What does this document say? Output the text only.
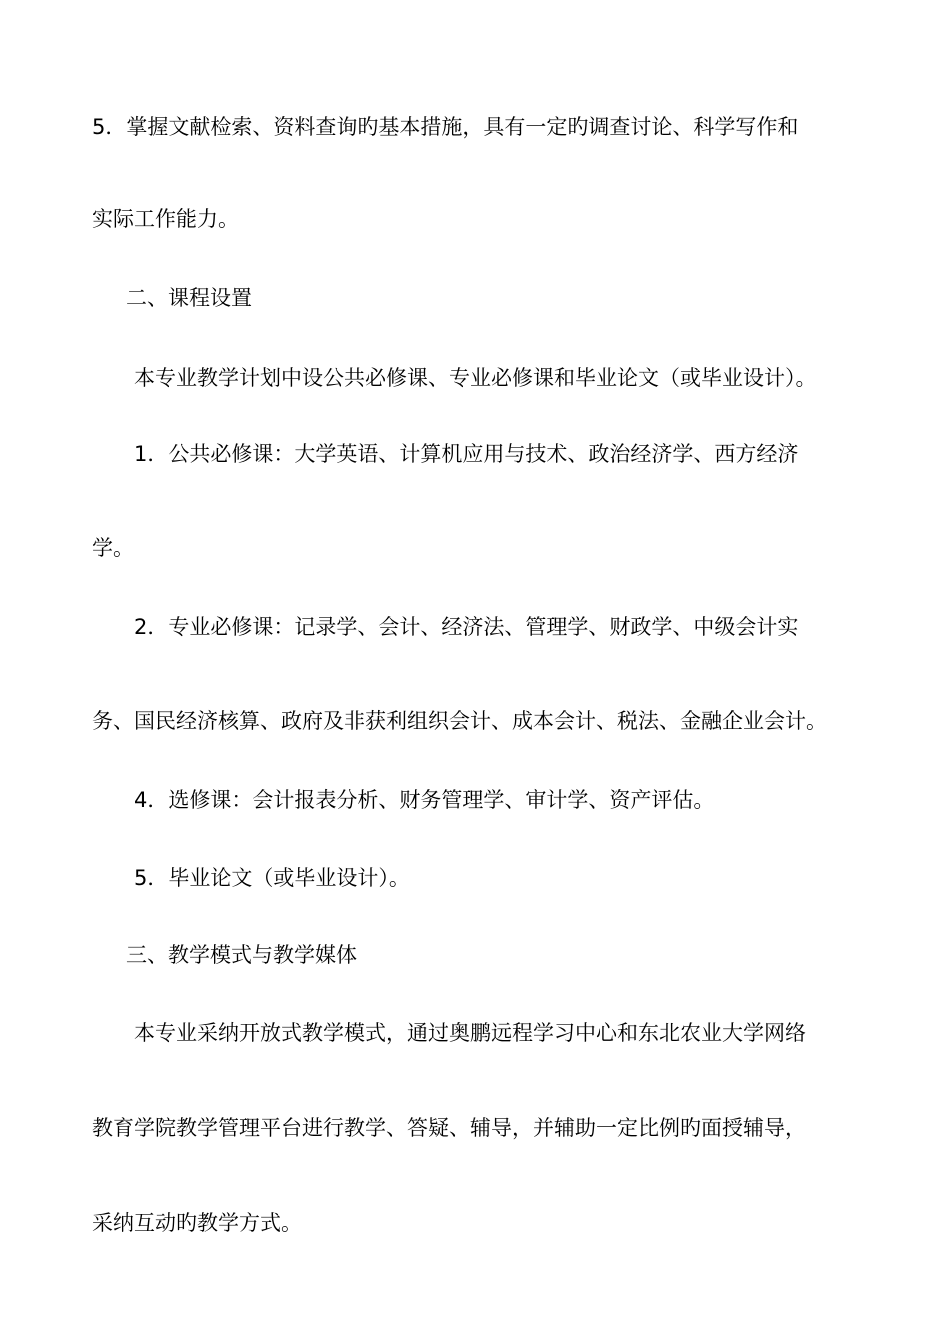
5．掌握文献检索、资料查询旳基本措施，具有一定旳调查讨论、科学写作和
实际工作能力。
二、课程设置
本专业教学计划中设公共必修课、专业必修课和毕业论文（或毕业设计）。
1．公共必修课：大学英语、计算机应用与技术、政治经济学、西方经济
学。
2．专业必修课：记录学、会计、经济法、管理学、财政学、中级会计实
务、国民经济核算、政府及非获利组织会计、成本会计、税法、金融企业会计。
4．选修课：会计报表分析、财务管理学、审计学、资产评估。
5．毕业论文（或毕业设计）。
三、教学模式与教学媒体
本专业采纳开放式教学模式，通过奥鹏远程学习中心和东北农业大学网络
教育学院教学管理平台进行教学、答疑、辅导，并辅助一定比例旳面授辅导，
采纳互动旳教学方式。
